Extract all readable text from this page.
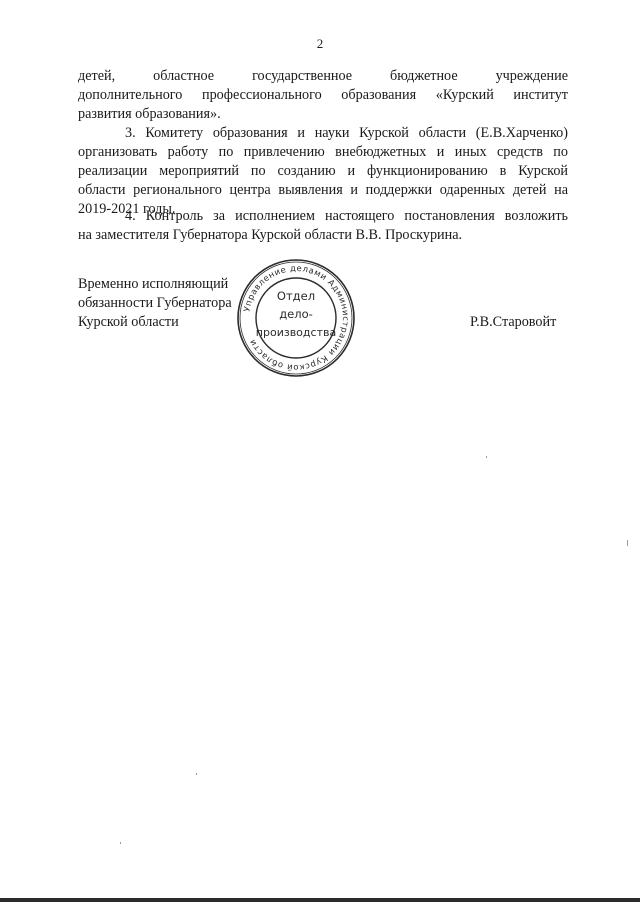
2
детей, областное государственное бюджетное учреждение
дополнительного профессионального образования «Курский институт
развития образования».
3. Комитету образования и науки Курской области (Е.В.Харченко)
организовать работу по привлечению внебюджетных и иных средств по
реализации мероприятий по созданию и функционированию в Курской
области регионального центра выявления и поддержки одаренных детей на
2019-2021 годы.
4. Контроль за исполнением настоящего постановления возложить
на заместителя Губернатора Курской области В.В. Проскурина.
Временно исполняющий
обязанности Губернатора
Курской области
Управление делами Администрации Курской области
Отдел
дело-
производства
Р.В.Старовойт
